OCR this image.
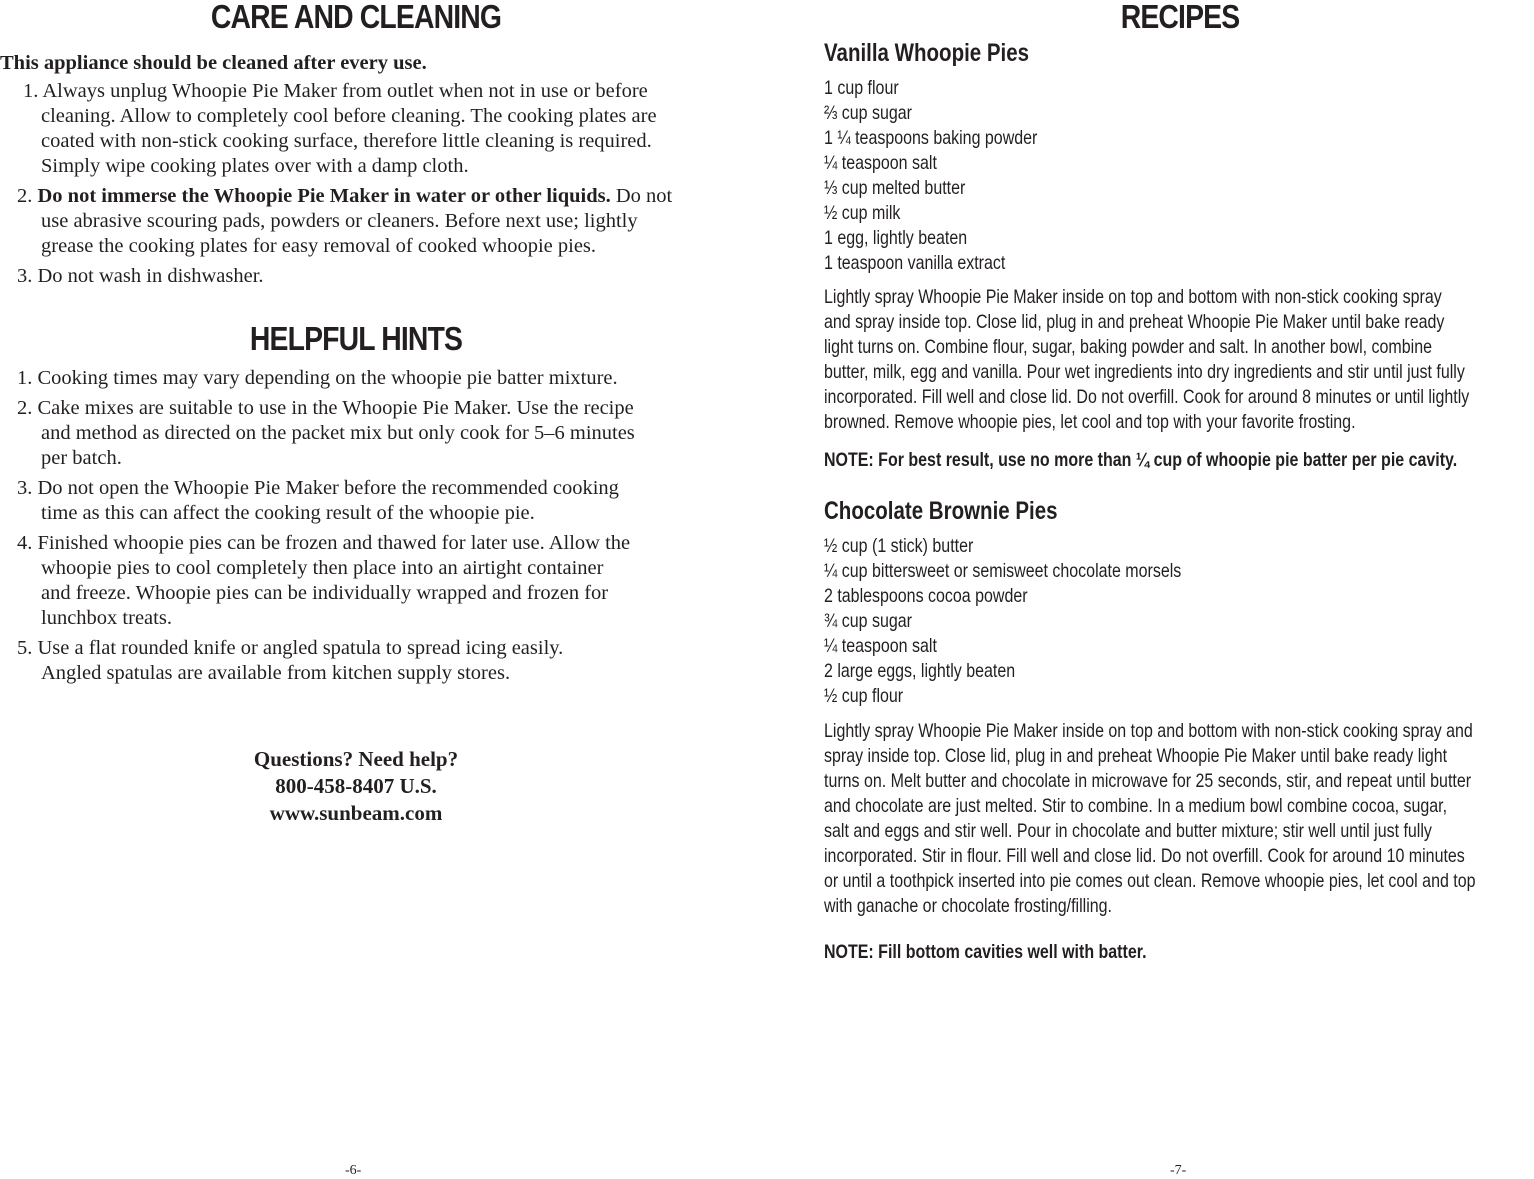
CARE AND CLEANING
This appliance should be cleaned after every use.
1. Always unplug Whoopie Pie Maker from outlet when not in use or before
cleaning. Allow to completely cool before cleaning. The cooking plates are
coated with non-stick cooking surface, therefore little cleaning is required.
Simply wipe cooking plates over with a damp cloth.
2. Do not immerse the Whoopie Pie Maker in water or other liquids. Do not
use abrasive scouring pads, powders or cleaners. Before next use; lightly
grease the cooking plates for easy removal of cooked whoopie pies.
3. Do not wash in dishwasher.
HELPFUL HINTS
1. Cooking times may vary depending on the whoopie pie batter mixture.
2. Cake mixes are suitable to use in the Whoopie Pie Maker. Use the recipe
and method as directed on the packet mix but only cook for 5–6 minutes
per batch.
3. Do not open the Whoopie Pie Maker before the recommended cooking
time as this can affect the cooking result of the whoopie pie.
4. Finished whoopie pies can be frozen and thawed for later use. Allow the
whoopie pies to cool completely then place into an airtight container
and freeze. Whoopie pies can be individually wrapped and frozen for
lunchbox treats.
5. Use a flat rounded knife or angled spatula to spread icing easily.
Angled spatulas are available from kitchen supply stores.
Questions? Need help?
800-458-8407 U.S.
www.sunbeam.com
-6-
RECIPES
Vanilla Whoopie Pies
1 cup flour
⅔ cup sugar
1 ¼ teaspoons baking powder
¼ teaspoon salt
⅓ cup melted butter
½ cup milk
1 egg, lightly beaten
1 teaspoon vanilla extract
Lightly spray Whoopie Pie Maker inside on top and bottom with non-stick cooking spray
and spray inside top. Close lid, plug in and preheat Whoopie Pie Maker until bake ready
light turns on. Combine flour, sugar, baking powder and salt. In another bowl, combine
butter, milk, egg and vanilla. Pour wet ingredients into dry ingredients and stir until just fully
incorporated. Fill well and close lid. Do not overfill. Cook for around 8 minutes or until lightly
browned. Remove whoopie pies, let cool and top with your favorite frosting.
NOTE: For best result, use no more than ¼ cup of whoopie pie batter per pie cavity.
Chocolate Brownie Pies
½ cup (1 stick) butter
¼ cup bittersweet or semisweet chocolate morsels
2 tablespoons cocoa powder
¾ cup sugar
¼ teaspoon salt
2 large eggs, lightly beaten
½ cup flour
Lightly spray Whoopie Pie Maker inside on top and bottom with non-stick cooking spray and
spray inside top. Close lid, plug in and preheat Whoopie Pie Maker until bake ready light
turns on. Melt butter and chocolate in microwave for 25 seconds, stir, and repeat until butter
and chocolate are just melted. Stir to combine. In a medium bowl combine cocoa, sugar,
salt and eggs and stir well. Pour in chocolate and butter mixture; stir well until just fully
incorporated. Stir in flour. Fill well and close lid. Do not overfill. Cook for around 10 minutes
or until a toothpick inserted into pie comes out clean. Remove whoopie pies, let cool and top
with ganache or chocolate frosting/filling.
NOTE: Fill bottom cavities well with batter.
-7-
